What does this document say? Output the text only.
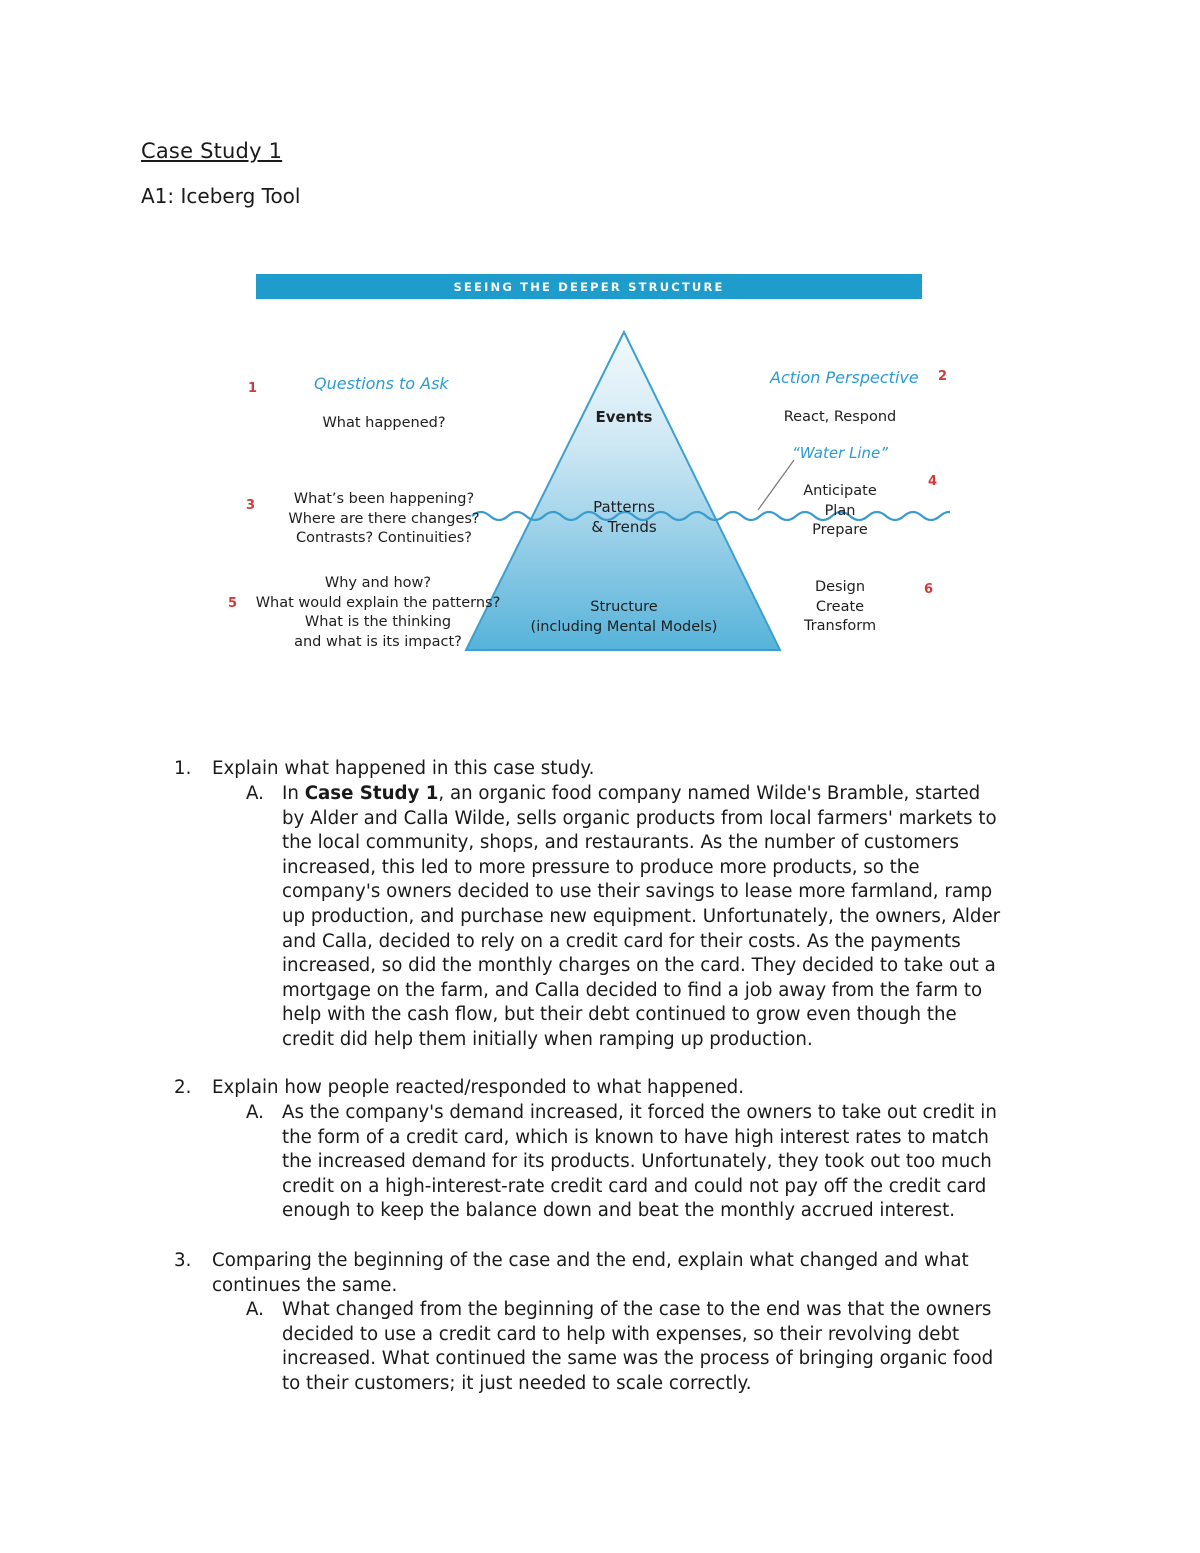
Case Study 1
A1: Iceberg Tool
SEEING THE DEEPER STRUCTURE
Questions to Ask	Action Perspective
“Water Line”
1
2
3
4
5
6
Events
Patterns
& Trends
Structure
(including Mental Models)
What happened?
What’s been happening?
Where are there changes?
Contrasts? Continuities?
Why and how?
What would explain the patterns?
What is the thinking
and what is its impact?
React, Respond
Anticipate
Plan
Prepare
Design
Create
Transform
1. Explain what happened in this case study.
A. In Case Study 1, an organic food company named Wilde's Bramble, started
by Alder and Calla Wilde, sells organic products from local farmers' markets to
the local community, shops, and restaurants. As the number of customers
increased, this led to more pressure to produce more products, so the
company's owners decided to use their savings to lease more farmland, ramp
up production, and purchase new equipment. Unfortunately, the owners, Alder
and Calla, decided to rely on a credit card for their costs. As the payments
increased, so did the monthly charges on the card. They decided to take out a
mortgage on the farm, and Calla decided to find a job away from the farm to
help with the cash flow, but their debt continued to grow even though the
credit did help them initially when ramping up production.
2. Explain how people reacted/responded to what happened.
A. As the company's demand increased, it forced the owners to take out credit in
the form of a credit card, which is known to have high interest rates to match
the increased demand for its products. Unfortunately, they took out too much
credit on a high-interest-rate credit card and could not pay off the credit card
enough to keep the balance down and beat the monthly accrued interest.
3. Comparing the beginning of the case and the end, explain what changed and what
continues the same.
A. What changed from the beginning of the case to the end was that the owners
decided to use a credit card to help with expenses, so their revolving debt
increased. What continued the same was the process of bringing organic food
to their customers; it just needed to scale correctly.
